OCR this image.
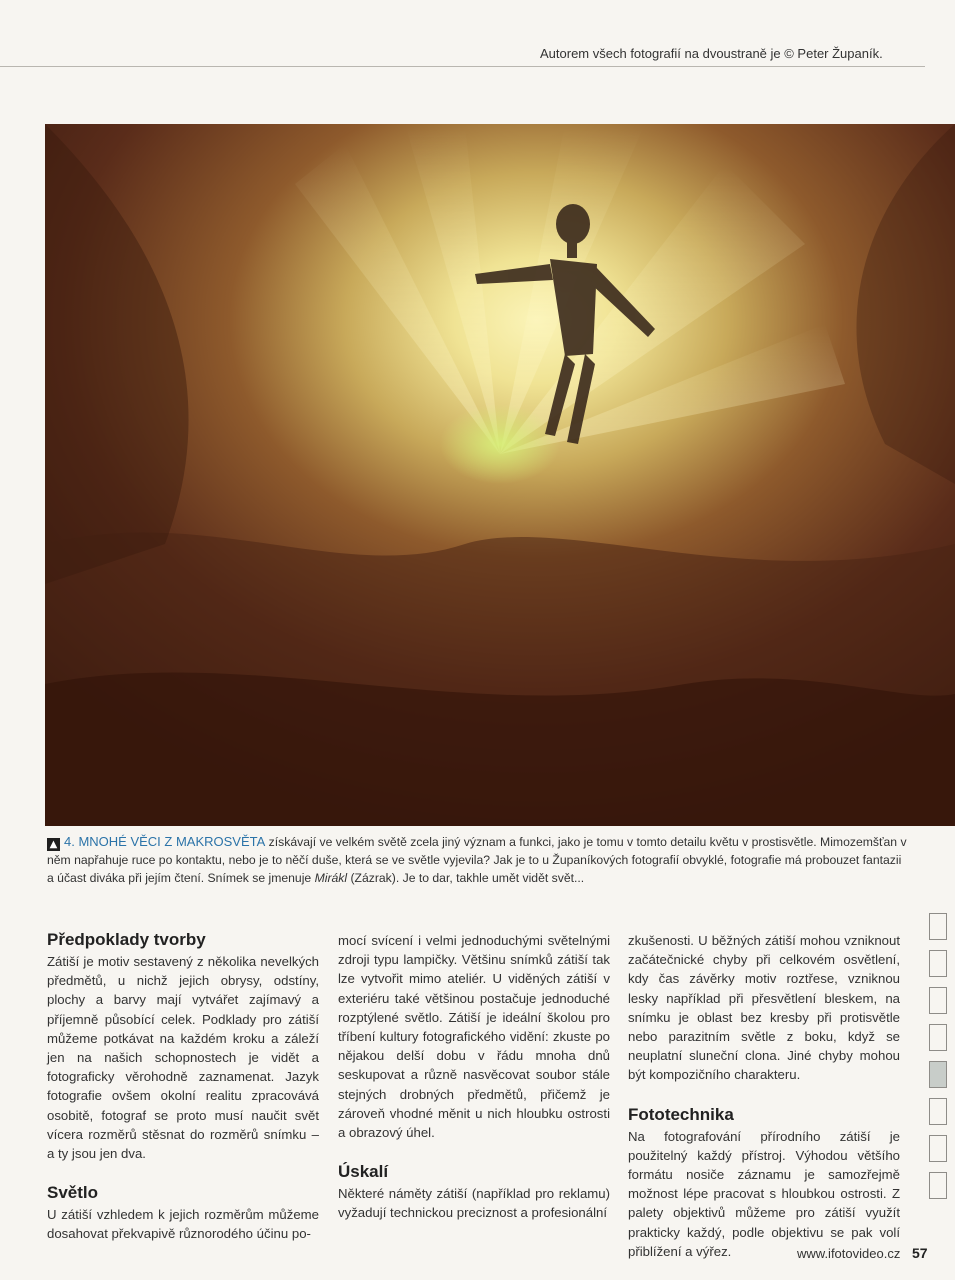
Autorem všech fotografií na dvoustraně je © Peter Županík.
▲ 4. MNOHÉ VĚCI Z MAKROSVĚTA získávají ve velkém světě zcela jiný význam a funkci, jako je tomu v tomto detailu květu v prostisvětle. Mimozemšťan v něm napřahuje ruce po kontaktu, nebo je to něčí duše, která se ve světle vyjevila? Jak je to u Županíkových fotografií obvyklé, fotografie má probouzet fantazii a účast diváka při jejím čtení. Snímek se jmenuje Mirákl (Zázrak). Je to dar, takhle umět vidět svět...
Předpoklady tvorby

Zátiší je motiv sestavený z několika nevelkých předmětů, u nichž jejich obrysy, odstíny, plochy a barvy mají vytvářet zajímavý a příjemně působící celek. Podklady pro zátiší můžeme potkávat na každém kroku a záleží jen na našich schopnostech je vidět a fotograficky věrohodně zaznamenat. Jazyk fotografie ovšem okolní realitu zpracovává osobitě, fotograf se proto musí naučit svět vícera rozměrů stěsnat do rozměrů snímku – a ty jsou jen dva.

Světlo

U zátiší vzhledem k jejich rozměrům můžeme dosahovat překvapivě různorodého účinu po-

mocí svícení i velmi jednoduchými světelnými zdroji typu lampičky. Většinu snímků zátiší tak lze vytvořit mimo ateliér. U viděných zátiší v exteriéru také většinou postačuje jednoduché rozptýlené světlo. Zátiší je ideální školou pro tříbení kultury fotografického vidění: zkuste po nějakou delší dobu v řádu mnoha dnů seskupovat a různě nasvěcovat soubor stále stejných drobných předmětů, přičemž je zároveň vhodné měnit u nich hloubku ostrosti a obrazový úhel.

Úskalí

Některé náměty zátiší (například pro reklamu) vyžadují technickou preciznost a profesionální

zkušenosti. U běžných zátiší mohou vzniknout začátečnické chyby při celkovém osvětlení, kdy čas závěrky motiv roztřese, vzniknou lesky například při přesvětlení bleskem, na snímku je oblast bez kresby při protisvětle nebo parazitním světle z boku, když se neuplatní sluneční clona. Jiné chyby mohou být kompozičního charakteru.

Fototechnika

Na fotografování přírodního zátiší je použitelný každý přístroj. Výhodou většího formátu nosiče záznamu je samozřejmě možnost lépe pracovat s hloubkou ostrosti. Z palety objektivů můžeme pro zátiší využít prakticky každý, podle objektivu se pak volí přiblížení a výřez.	www.ifotovideo.cz 57
